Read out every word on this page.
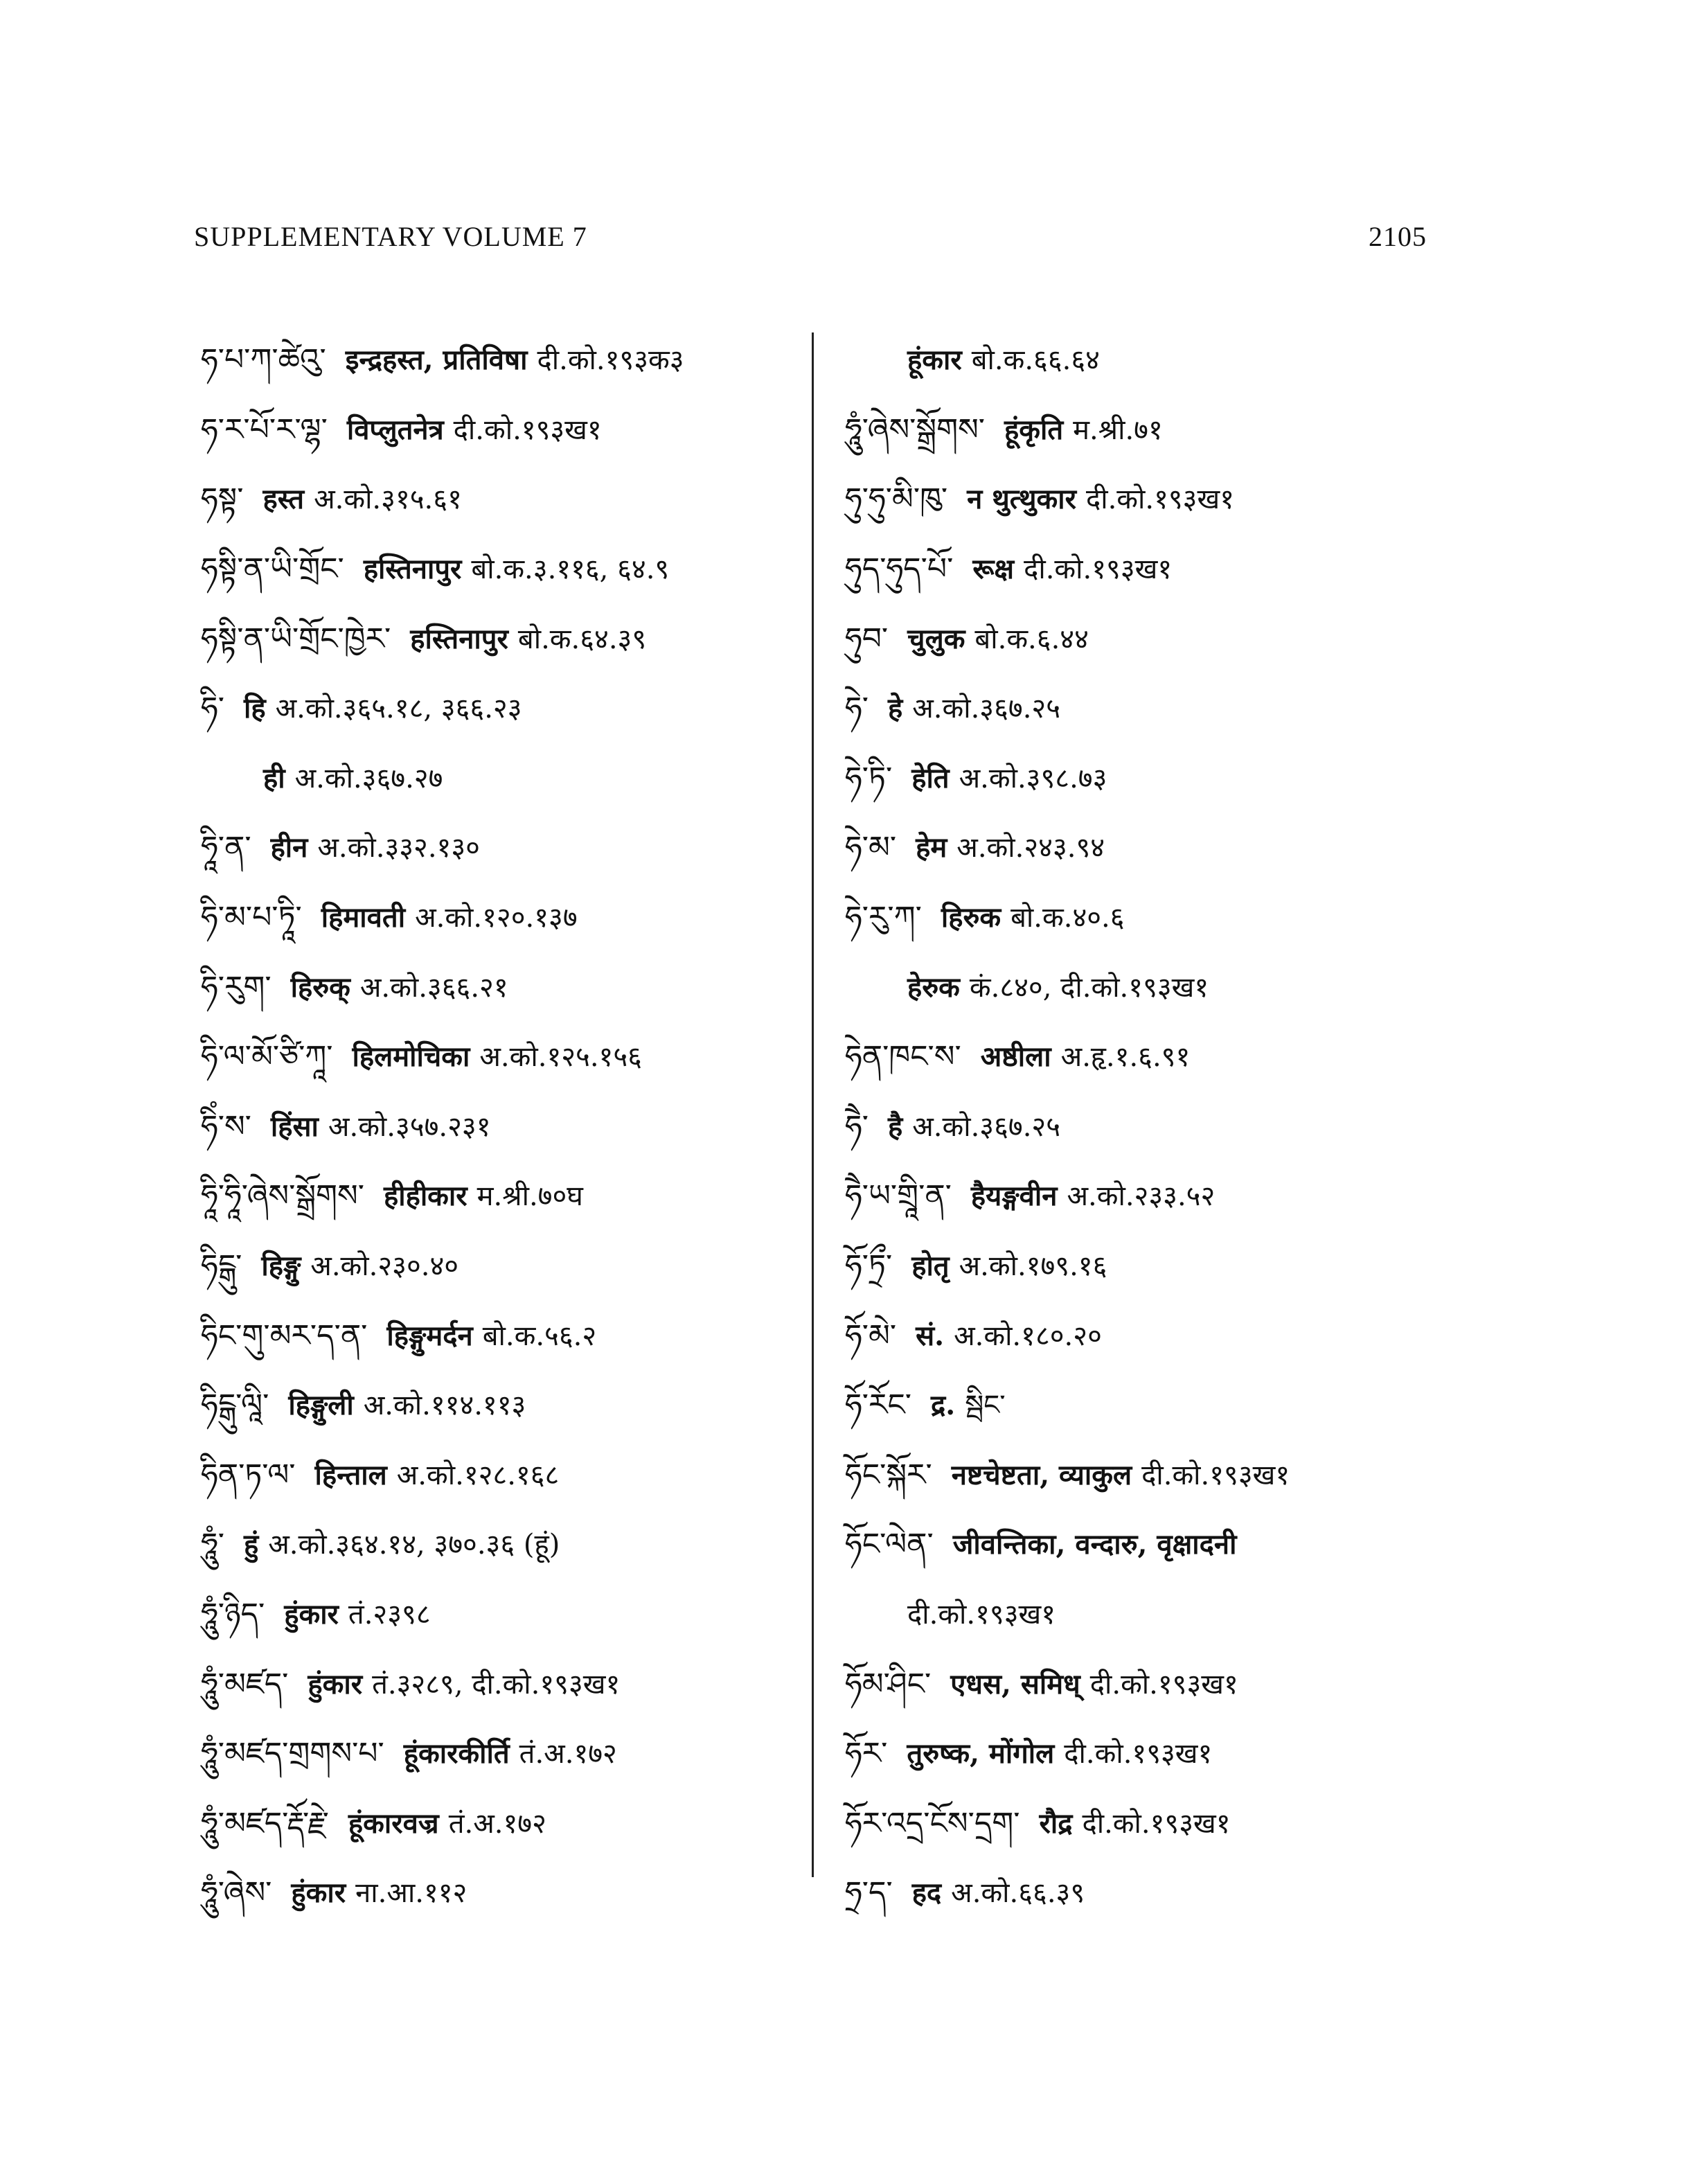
SUPPLEMENTARY VOLUME 7	2105
ཧ་པ་ཀ་ཚེའུ་ इन्द्रहस्त, प्रतिविषा दी.को.१९३क३
ཧ་ར་པོ་ར་ལྷ་ विप्लुतनेत्र दी.को.१९३ख१
ཧསྟ་ हस्त अ.को.३१५.६१
ཧསྟི་ན་ཡི་གྲོང་ हस्तिनापुर बो.क.३.११६, ६४.९
ཧསྟི་ན་ཡི་གྲོང་ཁྱེར་ हस्तिनापुर बो.क.६४.३९
ཧི་ हि अ.को.३६५.१८, ३६६.२३
ही अ.को.३६७.२७
ཧཱི་ན་ हीन अ.को.३३२.१३०
ཧི་མ་པ་ཏཱི་ हिमावती अ.को.१२०.१३७
ཧི་རུག་ हिरुक् अ.को.३६६.२१
ཧི་ལ་མོ་ཙི་ཀཱ་ हिलमोचिका अ.को.१२५.१५६
ཧིཾ་ས་ हिंसा अ.को.३५७.२३१
ཧཱི་ཧཱི་ཞེས་སྒྲོགས་ हीहीकार म.श्री.७०घ
ཧིངྒུ་ हिङ्गु अ.को.२३०.४०
ཧིང་གུ་མར་ད་ན་ हिङ्गुमर्दन बो.क.५६.२
ཧིངྒུ་ལཱི་ हिङ्गुली अ.को.११४.११३
ཧིན་ཏ་ལ་ हिन्ताल अ.को.१२८.१६८
ཧཱུཾ་ हुं अ.को.३६४.१४, ३७०.३६ (हूं)
ཧཱུཾ་ཉིད་ हुंकार तं.२३९८
ཧཱུཾ་མཛད་ हुंकार तं.३२८९, दी.को.१९३ख१
ཧཱུཾ་མཛད་གྲགས་པ་ हूंकारकीर्ति तं.अ.१७२
ཧཱུཾ་མཛད་རྡོ་རྗེ་ हूंकारवज्र तं.अ.१७२
ཧཱུཾ་ཞེས་ हुंकार ना.आ.११२
हूंकार बो.क.६६.६४
ཧཱུཾ་ཞེས་སྒྲོགས་ हूंकृति म.श्री.७१
ཧུ་ཧུ་མི་ཁུ་ न थुत्थुकार दी.को.१९३ख१
ཧུད་ཧུད་པོ་ रूक्ष दी.को.१९३ख१
ཧུབ་ चुलुक बो.क.६.४४
ཧེ་ हे अ.को.३६७.२५
ཧེ་ཏི་ हेति अ.को.३९८.७३
ཧེ་མ་ हेम अ.को.२४३.९४
ཧེ་རུ་ཀ་ हिरुक बो.क.४०.६
हेरुक कं.८४०, दी.को.१९३ख१
ཧེན་ཁང་ས་ अष्ठीला अ.हृ.१.६.९१
ཧཻ་ है अ.को.३६७.२५
ཧཻ་ཡ་གྲཱི་ན་ हैयङ्गवीन अ.को.२३३.५२
ཧོ་ཏྲྀ་ होतृ अ.को.१७९.१६
ཧོ་མེ་ सं. अ.को.१८०.२०
ཧོ་རོང་ द्र. སྦིང་
ཧོང་སྐོར་ नष्टचेष्टता, व्याकुल दी.को.१९३ख१
ཧོང་ལེན་ जीवन्तिका, वन्दारु, वृक्षादनी
दी.को.१९३ख१
ཧོམ་ཤིང་ एधस, समिध् दी.को.१९३ख१
ཧོར་ तुरुष्क, मोंगोल दी.को.१९३ख१
ཧོར་འདྲ་ངོས་དྲག་ रौद्र दी.को.१९३ख१
ཧྲ་ད་ हद अ.को.६६.३९
